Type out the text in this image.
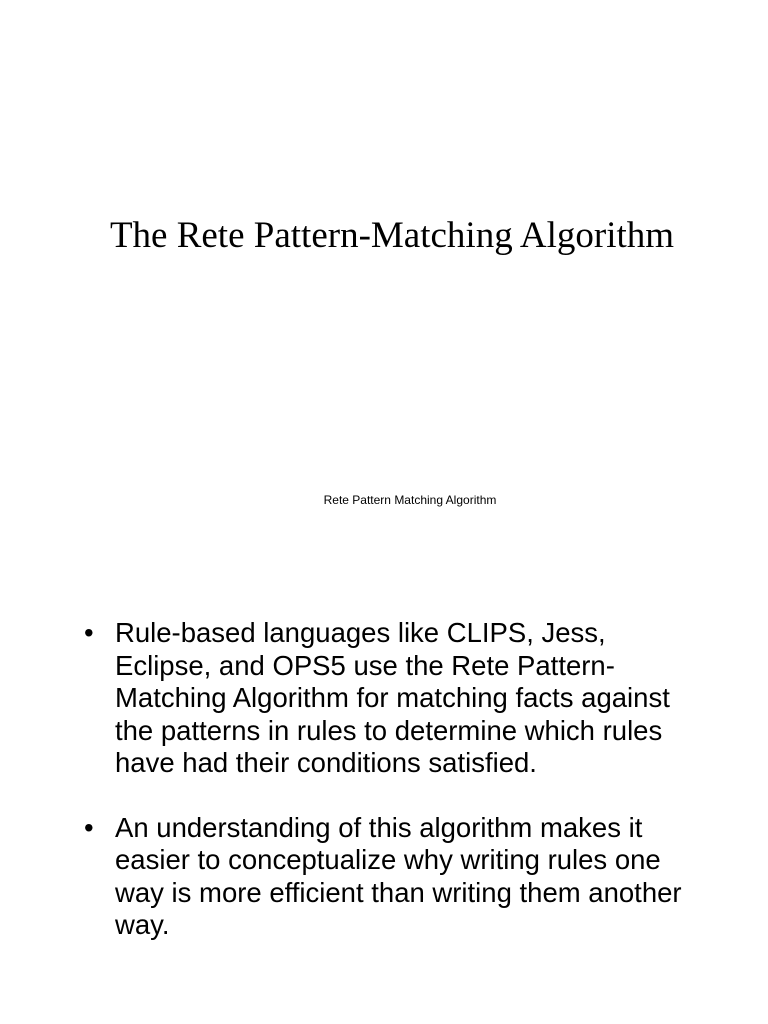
The Rete Pattern-Matching Algorithm

Rete Pattern Matching Algorithm

• Rule-based languages like CLIPS, Jess, Eclipse, and OPS5 use the Rete Pattern-Matching Algorithm for matching facts against the patterns in rules to determine which rules have had their conditions satisfied.
• An understanding of this algorithm makes it easier to conceptualize why writing rules one way is more efficient than writing them another way.
